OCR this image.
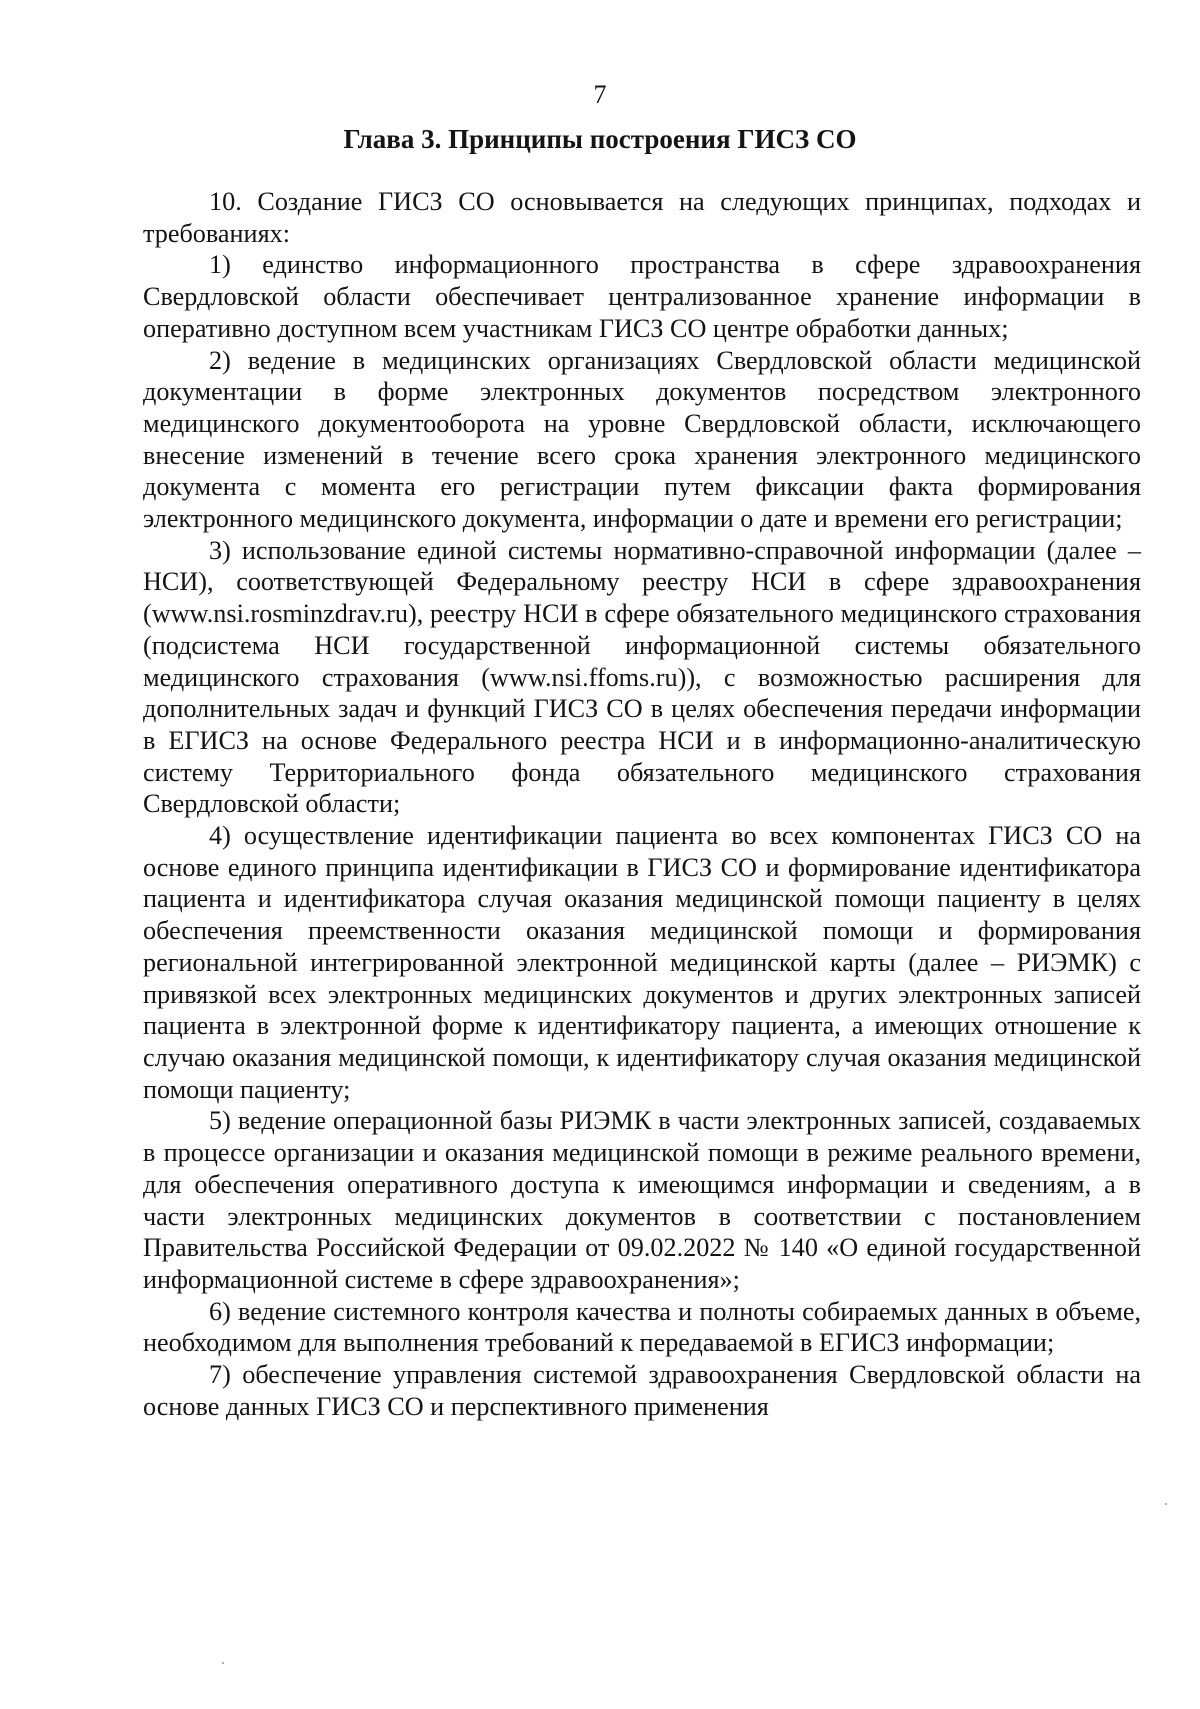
7
Глава 3. Принципы построения ГИСЗ СО

10. Создание ГИСЗ СО основывается на следующих принципах, подходах и требованиях:

1) единство информационного пространства в сфере здравоохранения Свердловской области обеспечивает централизованное хранение информации в оперативно доступном всем участникам ГИСЗ СО центре обработки данных;

2) ведение в медицинских организациях Свердловской области медицинской документации в форме электронных документов посредством электронного медицинского документооборота на уровне Свердловской области, исключающего внесение изменений в течение всего срока хранения электронного медицинского документа с момента его регистрации путем фиксации факта формирования электронного медицинского документа, информации о дате и времени его регистрации;

3) использование единой системы нормативно-справочной информации (далее – НСИ), соответствующей Федеральному реестру НСИ в сфере здравоохранения (www.nsi.rosminzdrav.ru), реестру НСИ в сфере обязательного медицинского страхования (подсистема НСИ государственной информационной системы обязательного медицинского страхования (www.nsi.ffoms.ru)), с возможностью расширения для дополнительных задач и функций ГИСЗ СО в целях обеспечения передачи информации в ЕГИСЗ на основе Федерального реестра НСИ и в информационно-аналитическую систему Территориального фонда обязательного медицинского страхования Свердловской области;

4) осуществление идентификации пациента во всех компонентах ГИСЗ СО на основе единого принципа идентификации в ГИСЗ СО и формирование идентификатора пациента и идентификатора случая оказания медицинской помощи пациенту в целях обеспечения преемственности оказания медицинской помощи и формирования региональной интегрированной электронной медицинской карты (далее – РИЭМК) с привязкой всех электронных медицинских документов и других электронных записей пациента в электронной форме к идентификатору пациента, а имеющих отношение к случаю оказания медицинской помощи, к идентификатору случая оказания медицинской помощи пациенту;

5) ведение операционной базы РИЭМК в части электронных записей, создаваемых в процессе организации и оказания медицинской помощи в режиме реального времени, для обеспечения оперативного доступа к имеющимся информации и сведениям, а в части электронных медицинских документов в соответствии с постановлением Правительства Российской Федерации от 09.02.2022 № 140 «О единой государственной информационной системе в сфере здравоохранения»;

6) ведение системного контроля качества и полноты собираемых данных в объеме, необходимом для выполнения требований к передаваемой в ЕГИСЗ информации;

7) обеспечение управления системой здравоохранения Свердловской области на основе данных ГИСЗ СО и перспективного применения
